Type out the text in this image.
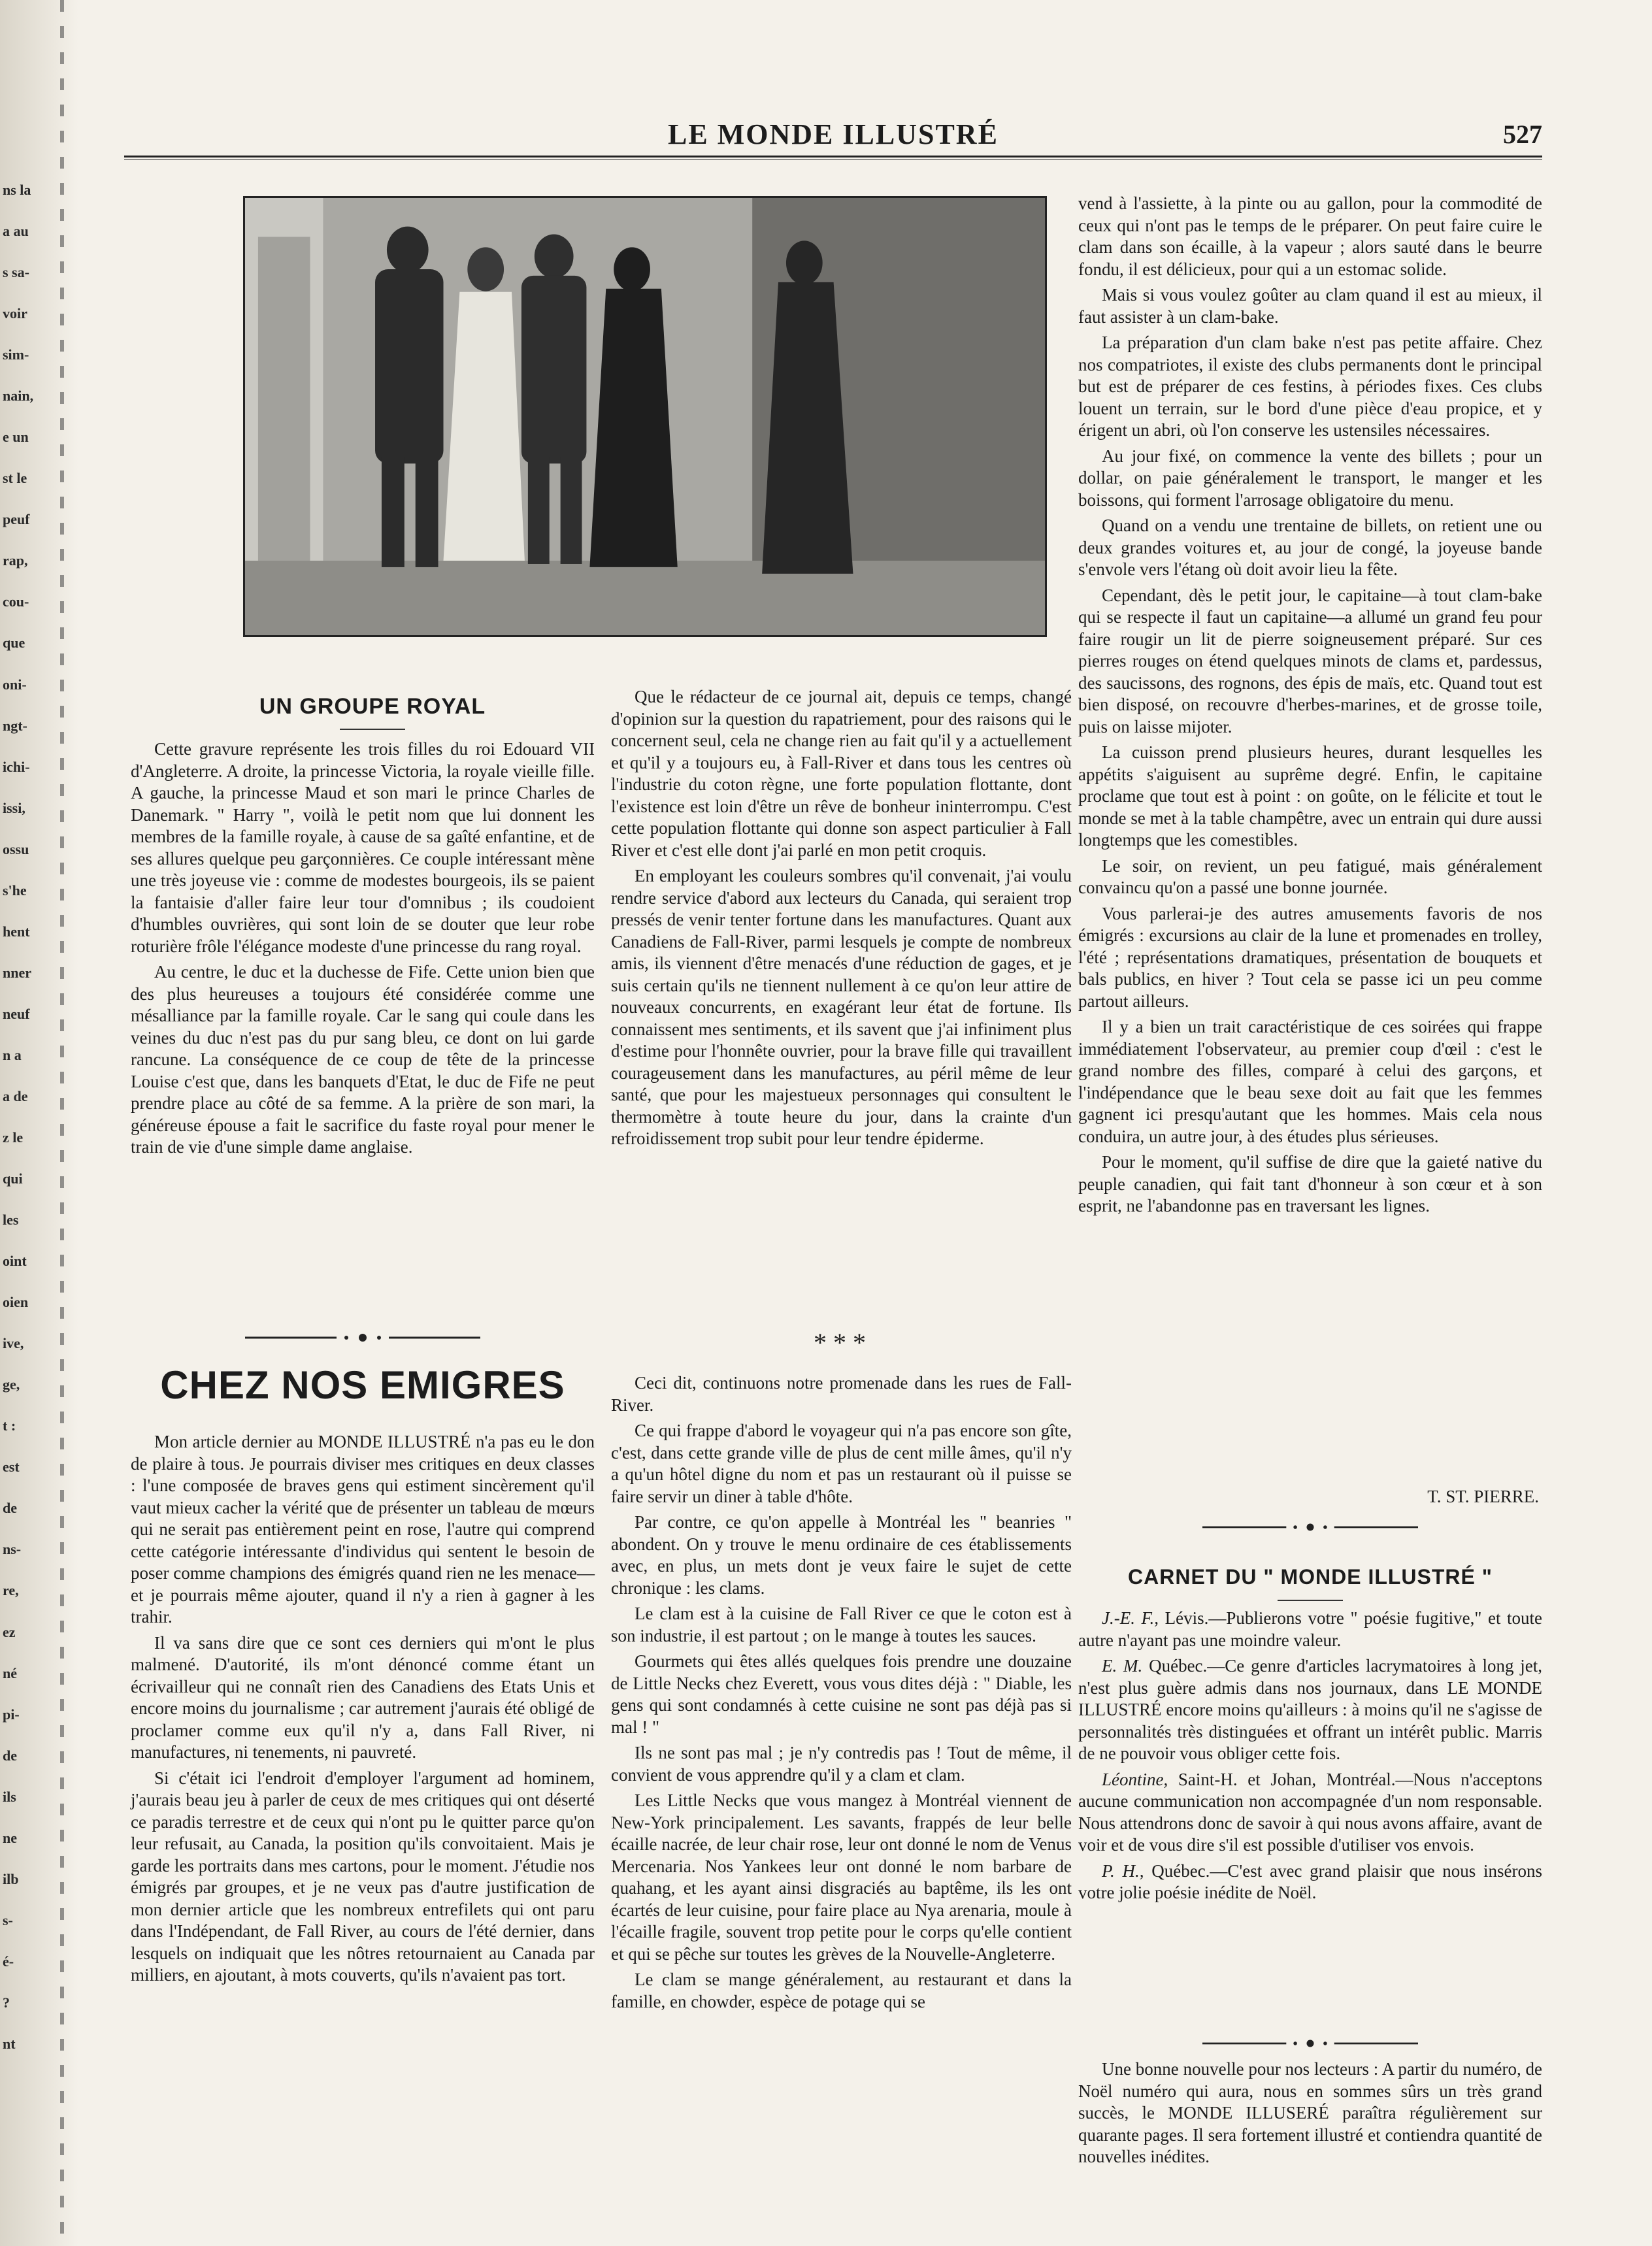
ns la
a au
s sa-
voir
sim-
nain,
e un
st le
peuf
rap,
cou-
que
oni-
ngt-
ichi-
issi,
ossu
s'he
hent
nner
neuf
n a
a de
z le
qui
les
oint
oien
ive,
ge,
t :
est
de
ns-
re,
ez
né
pi-
de
ils
ne
ilb
s-
é-
?
nt
LE MONDE ILLUSTRÉ	527
UN GROUPE ROYAL

Cette gravure représente les trois filles du roi Edouard VII d'Angleterre. A droite, la princesse Victoria, la royale vieille fille. A gauche, la princesse Maud et son mari le prince Charles de Danemark. " Harry ", voilà le petit nom que lui donnent les membres de la famille royale, à cause de sa gaîté enfantine, et de ses allures quelque peu garçonnières. Ce couple intéressant mène une très joyeuse vie : comme de modestes bourgeois, ils se paient la fantaisie d'aller faire leur tour d'omnibus ; ils coudoient d'humbles ouvrières, qui sont loin de se douter que leur robe roturière frôle l'élégance modeste d'une princesse du rang royal.

Au centre, le duc et la duchesse de Fife. Cette union bien que des plus heureuses a toujours été considérée comme une mésalliance par la famille royale. Car le sang qui coule dans les veines du duc n'est pas du pur sang bleu, ce dont on lui garde rancune. La conséquence de ce coup de tête de la princesse Louise c'est que, dans les banquets d'Etat, le duc de Fife ne peut prendre place au côté de sa femme. A la prière de son mari, la généreuse épouse a fait le sacrifice du faste royal pour mener le train de vie d'une simple dame anglaise.

CHEZ NOS EMIGRES

Mon article dernier au MONDE ILLUSTRÉ n'a pas eu le don de plaire à tous. Je pourrais diviser mes critiques en deux classes : l'une composée de braves gens qui estiment sincèrement qu'il vaut mieux cacher la vérité que de présenter un tableau de mœurs qui ne serait pas entièrement peint en rose, l'autre qui comprend cette catégorie intéressante d'individus qui sentent le besoin de poser comme champions des émigrés quand rien ne les menace—et je pourrais même ajouter, quand il n'y a rien à gagner à les trahir.

Il va sans dire que ce sont ces derniers qui m'ont le plus malmené. D'autorité, ils m'ont dénoncé comme étant un écrivailleur qui ne connaît rien des Canadiens des Etats Unis et encore moins du journalisme ; car autrement j'aurais été obligé de proclamer comme eux qu'il n'y a, dans Fall River, ni manufactures, ni tenements, ni pauvreté.

Si c'était ici l'endroit d'employer l'argument ad hominem, j'aurais beau jeu à parler de ceux de mes critiques qui ont déserté ce paradis terrestre et de ceux qui n'ont pu le quitter parce qu'on leur refusait, au Canada, la position qu'ils convoitaient. Mais je garde les portraits dans mes cartons, pour le moment. J'étudie nos émigrés par groupes, et je ne veux pas d'autre justification de mon dernier article que les nombreux entrefilets qui ont paru dans l'Indépendant, de Fall River, au cours de l'été dernier, dans lesquels on indiquait que les nôtres retournaient au Canada par milliers, en ajoutant, à mots couverts, qu'ils n'avaient pas tort.

Que le rédacteur de ce journal ait, depuis ce temps, changé d'opinion sur la question du rapatriement, pour des raisons qui le concernent seul, cela ne change rien au fait qu'il y a actuellement et qu'il y a toujours eu, à Fall-River et dans tous les centres où l'industrie du coton règne, une forte population flottante, dont l'existence est loin d'être un rêve de bonheur ininterrompu. C'est cette population flottante qui donne son aspect particulier à Fall River et c'est elle dont j'ai parlé en mon petit croquis.

En employant les couleurs sombres qu'il convenait, j'ai voulu rendre service d'abord aux lecteurs du Canada, qui seraient trop pressés de venir tenter fortune dans les manufactures. Quant aux Canadiens de Fall-River, parmi lesquels je compte de nombreux amis, ils viennent d'être menacés d'une réduction de gages, et je suis certain qu'ils ne tiennent nullement à ce qu'on leur attire de nouveaux concurrents, en exagérant leur état de fortune. Ils connaissent mes sentiments, et ils savent que j'ai infiniment plus d'estime pour l'honnête ouvrier, pour la brave fille qui travaillent courageusement dans les manufactures, au péril même de leur santé, que pour les majestueux personnages qui consultent le thermomètre à toute heure du jour, dans la crainte d'un refroidissement trop subit pour leur tendre épiderme.

* * *

Ceci dit, continuons notre promenade dans les rues de Fall-River.

Ce qui frappe d'abord le voyageur qui n'a pas encore son gîte, c'est, dans cette grande ville de plus de cent mille âmes, qu'il n'y a qu'un hôtel digne du nom et pas un restaurant où il puisse se faire servir un diner à table d'hôte.

Par contre, ce qu'on appelle à Montréal les " beanries " abondent. On y trouve le menu ordinaire de ces établissements avec, en plus, un mets dont je veux faire le sujet de cette chronique : les clams.

Le clam est à la cuisine de Fall River ce que le coton est à son industrie, il est partout ; on le mange à toutes les sauces.

Gourmets qui êtes allés quelques fois prendre une douzaine de Little Necks chez Everett, vous vous dites déjà : " Diable, les gens qui sont condamnés à cette cuisine ne sont pas déjà pas si mal ! "

Ils ne sont pas mal ; je n'y contredis pas ! Tout de même, il convient de vous apprendre qu'il y a clam et clam.

Les Little Necks que vous mangez à Montréal viennent de New-York principalement. Les savants, frappés de leur belle écaille nacrée, de leur chair rose, leur ont donné le nom de Venus Mercenaria. Nos Yankees leur ont donné le nom barbare de quahang, et les ayant ainsi disgraciés au baptême, ils les ont écartés de leur cuisine, pour faire place au Nya arenaria, moule à l'écaille fragile, souvent trop petite pour le corps qu'elle contient et qui se pêche sur toutes les grèves de la Nouvelle-Angleterre.

Le clam se mange généralement, au restaurant et dans la famille, en chowder, espèce de potage qui se

vend à l'assiette, à la pinte ou au gallon, pour la commodité de ceux qui n'ont pas le temps de le préparer. On peut faire cuire le clam dans son écaille, à la vapeur ; alors sauté dans le beurre fondu, il est délicieux, pour qui a un estomac solide.

Mais si vous voulez goûter au clam quand il est au mieux, il faut assister à un clam-bake.

La préparation d'un clam bake n'est pas petite affaire. Chez nos compatriotes, il existe des clubs permanents dont le principal but est de préparer de ces festins, à périodes fixes. Ces clubs louent un terrain, sur le bord d'une pièce d'eau propice, et y érigent un abri, où l'on conserve les ustensiles nécessaires.

Au jour fixé, on commence la vente des billets ; pour un dollar, on paie généralement le transport, le manger et les boissons, qui forment l'arrosage obligatoire du menu.

Quand on a vendu une trentaine de billets, on retient une ou deux grandes voitures et, au jour de congé, la joyeuse bande s'envole vers l'étang où doit avoir lieu la fête.

Cependant, dès le petit jour, le capitaine—à tout clam-bake qui se respecte il faut un capitaine—a allumé un grand feu pour faire rougir un lit de pierre soigneusement préparé. Sur ces pierres rouges on étend quelques minots de clams et, pardessus, des saucissons, des rognons, des épis de maïs, etc. Quand tout est bien disposé, on recouvre d'herbes-marines, et de grosse toile, puis on laisse mijoter.

La cuisson prend plusieurs heures, durant lesquelles les appétits s'aiguisent au suprême degré. Enfin, le capitaine proclame que tout est à point : on goûte, on le félicite et tout le monde se met à la table champêtre, avec un entrain qui dure aussi longtemps que les comestibles.

Le soir, on revient, un peu fatigué, mais généralement convaincu qu'on a passé une bonne journée.

Vous parlerai-je des autres amusements favoris de nos émigrés : excursions au clair de la lune et promenades en trolley, l'été ; représentations dramatiques, présentation de bouquets et bals publics, en hiver ? Tout cela se passe ici un peu comme partout ailleurs.

Il y a bien un trait caractéristique de ces soirées qui frappe immédiatement l'observateur, au premier coup d'œil : c'est le grand nombre des filles, comparé à celui des garçons, et l'indépendance que le beau sexe doit au fait que les femmes gagnent ici presqu'autant que les hommes. Mais cela nous conduira, un autre jour, à des études plus sérieuses.

Pour le moment, qu'il suffise de dire que la gaieté native du peuple canadien, qui fait tant d'honneur à son cœur et à son esprit, ne l'abandonne pas en traversant les lignes.

T. ST. PIERRE.
CARNET DU " MONDE ILLUSTRÉ "

J.-E. F., Lévis.—Publierons votre " poésie fugitive," et toute autre n'ayant pas une moindre valeur.

E. M. Québec.—Ce genre d'articles lacrymatoires à long jet, n'est plus guère admis dans nos journaux, dans LE MONDE ILLUSTRÉ encore moins qu'ailleurs : à moins qu'il ne s'agisse de personnalités très distinguées et offrant un intérêt public. Marris de ne pouvoir vous obliger cette fois.

Léontine, Saint-H. et Johan, Montréal.—Nous n'acceptons aucune communication non accompagnée d'un nom responsable. Nous attendrons donc de savoir à qui nous avons affaire, avant de voir et de vous dire s'il est possible d'utiliser vos envois.

P. H., Québec.—C'est avec grand plaisir que nous insérons votre jolie poésie inédite de Noël.

Une bonne nouvelle pour nos lecteurs : A partir du numéro, de Noël numéro qui aura, nous en sommes sûrs un très grand succès, le MONDE ILLUSERÉ paraîtra régulièrement sur quarante pages. Il sera fortement illustré et contiendra quantité de nouvelles inédites.
